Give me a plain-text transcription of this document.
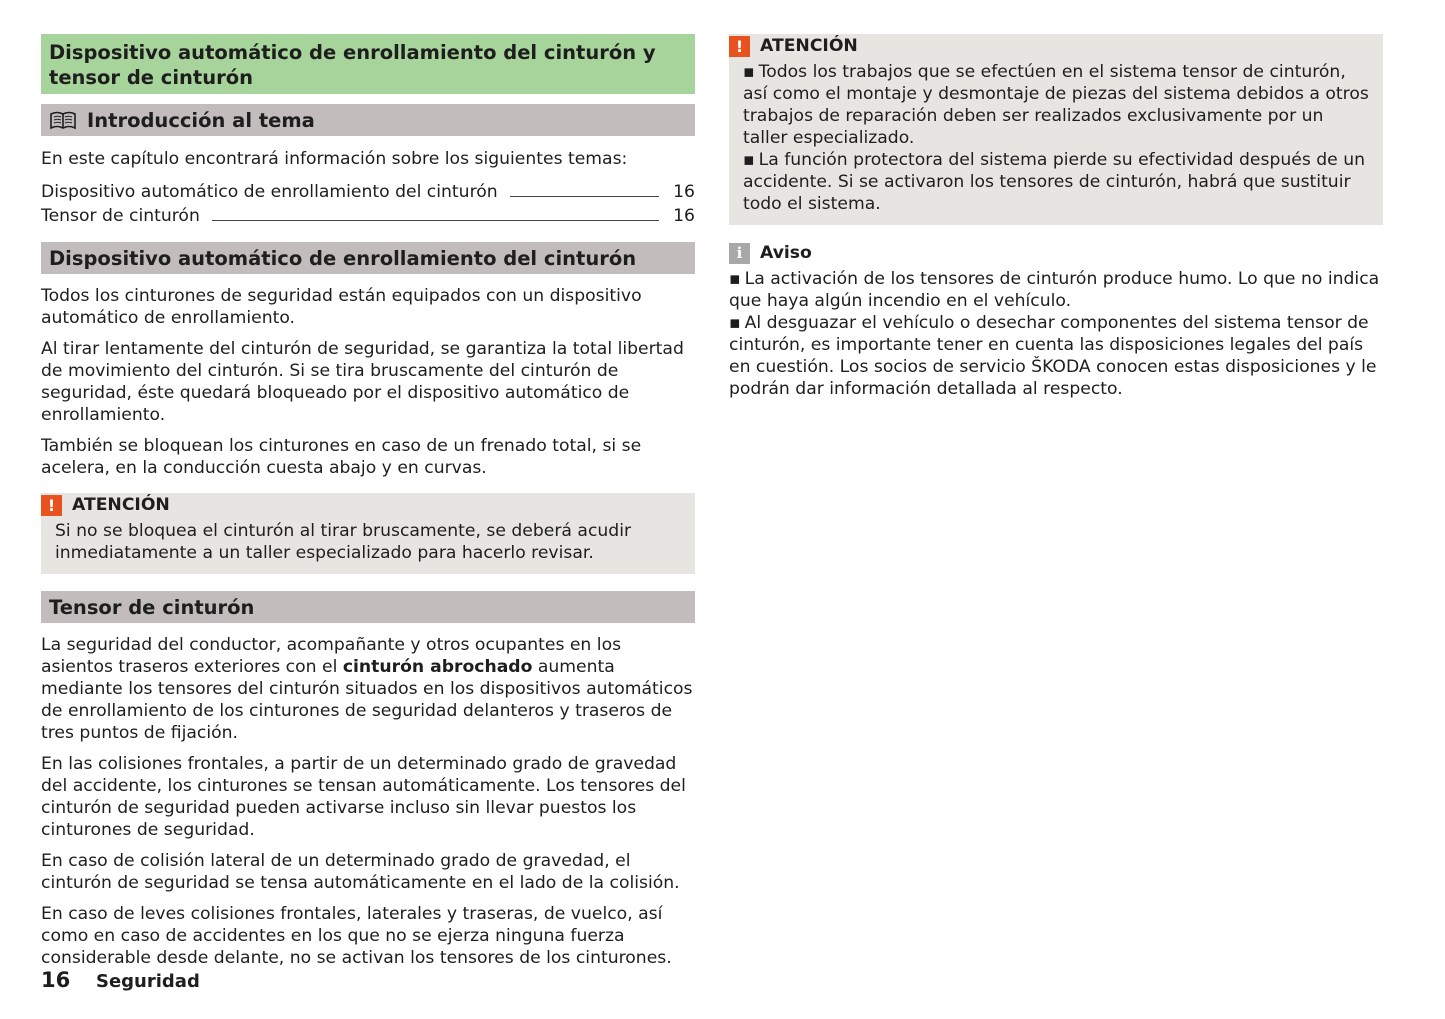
Dispositivo automático de enrollamiento del cinturón y tensor de cinturón
Introducción al tema

En este capítulo encontrará información sobre los siguientes temas:

Dispositivo automático de enrollamiento del cinturón	16
Tensor de cinturón	16
Dispositivo automático de enrollamiento del cinturón

Todos los cinturones de seguridad están equipados con un dispositivo automático de enrollamiento.

Al tirar lentamente del cinturón de seguridad, se garantiza la total libertad de movimiento del cinturón. Si se tira bruscamente del cinturón de seguridad, éste quedará bloqueado por el dispositivo automático de enrollamiento.

También se bloquean los cinturones en caso de un frenado total, si se acelera, en la conducción cuesta abajo y en curvas.

! ATENCIÓN

Si no se bloquea el cinturón al tirar bruscamente, se deberá acudir inmediatamente a un taller especializado para hacerlo revisar.

Tensor de cinturón

La seguridad del conductor, acompañante y otros ocupantes en los asientos traseros exteriores con el cinturón abrochado aumenta mediante los tensores del cinturón situados en los dispositivos automáticos de enrollamiento de los cinturones de seguridad delanteros y traseros de tres puntos de fijación.

En las colisiones frontales, a partir de un determinado grado de gravedad del accidente, los cinturones se tensan automáticamente. Los tensores del cinturón de seguridad pueden activarse incluso sin llevar puestos los cinturones de seguridad.

En caso de colisión lateral de un determinado grado de gravedad, el cinturón de seguridad se tensa automáticamente en el lado de la colisión.

En caso de leves colisiones frontales, laterales y traseras, de vuelco, así como en caso de accidentes en los que no se ejerza ninguna fuerza considerable desde delante, no se activan los tensores de los cinturones.

! ATENCIÓN

▪ Todos los trabajos que se efectúen en el sistema tensor de cinturón, así como el montaje y desmontaje de piezas del sistema debidos a otros trabajos de reparación deben ser realizados exclusivamente por un taller especializado.

▪ La función protectora del sistema pierde su efectividad después de un accidente. Si se activaron los tensores de cinturón, habrá que sustituir todo el sistema.

i	Aviso

▪ La activación de los tensores de cinturón produce humo. Lo que no indica que haya algún incendio en el vehículo.

▪ Al desguazar el vehículo o desechar componentes del sistema tensor de cinturón, es importante tener en cuenta las disposiciones legales del país en cuestión. Los socios de servicio ŠKODA conocen estas disposiciones y le podrán dar información detallada al respecto.

16	Seguridad
